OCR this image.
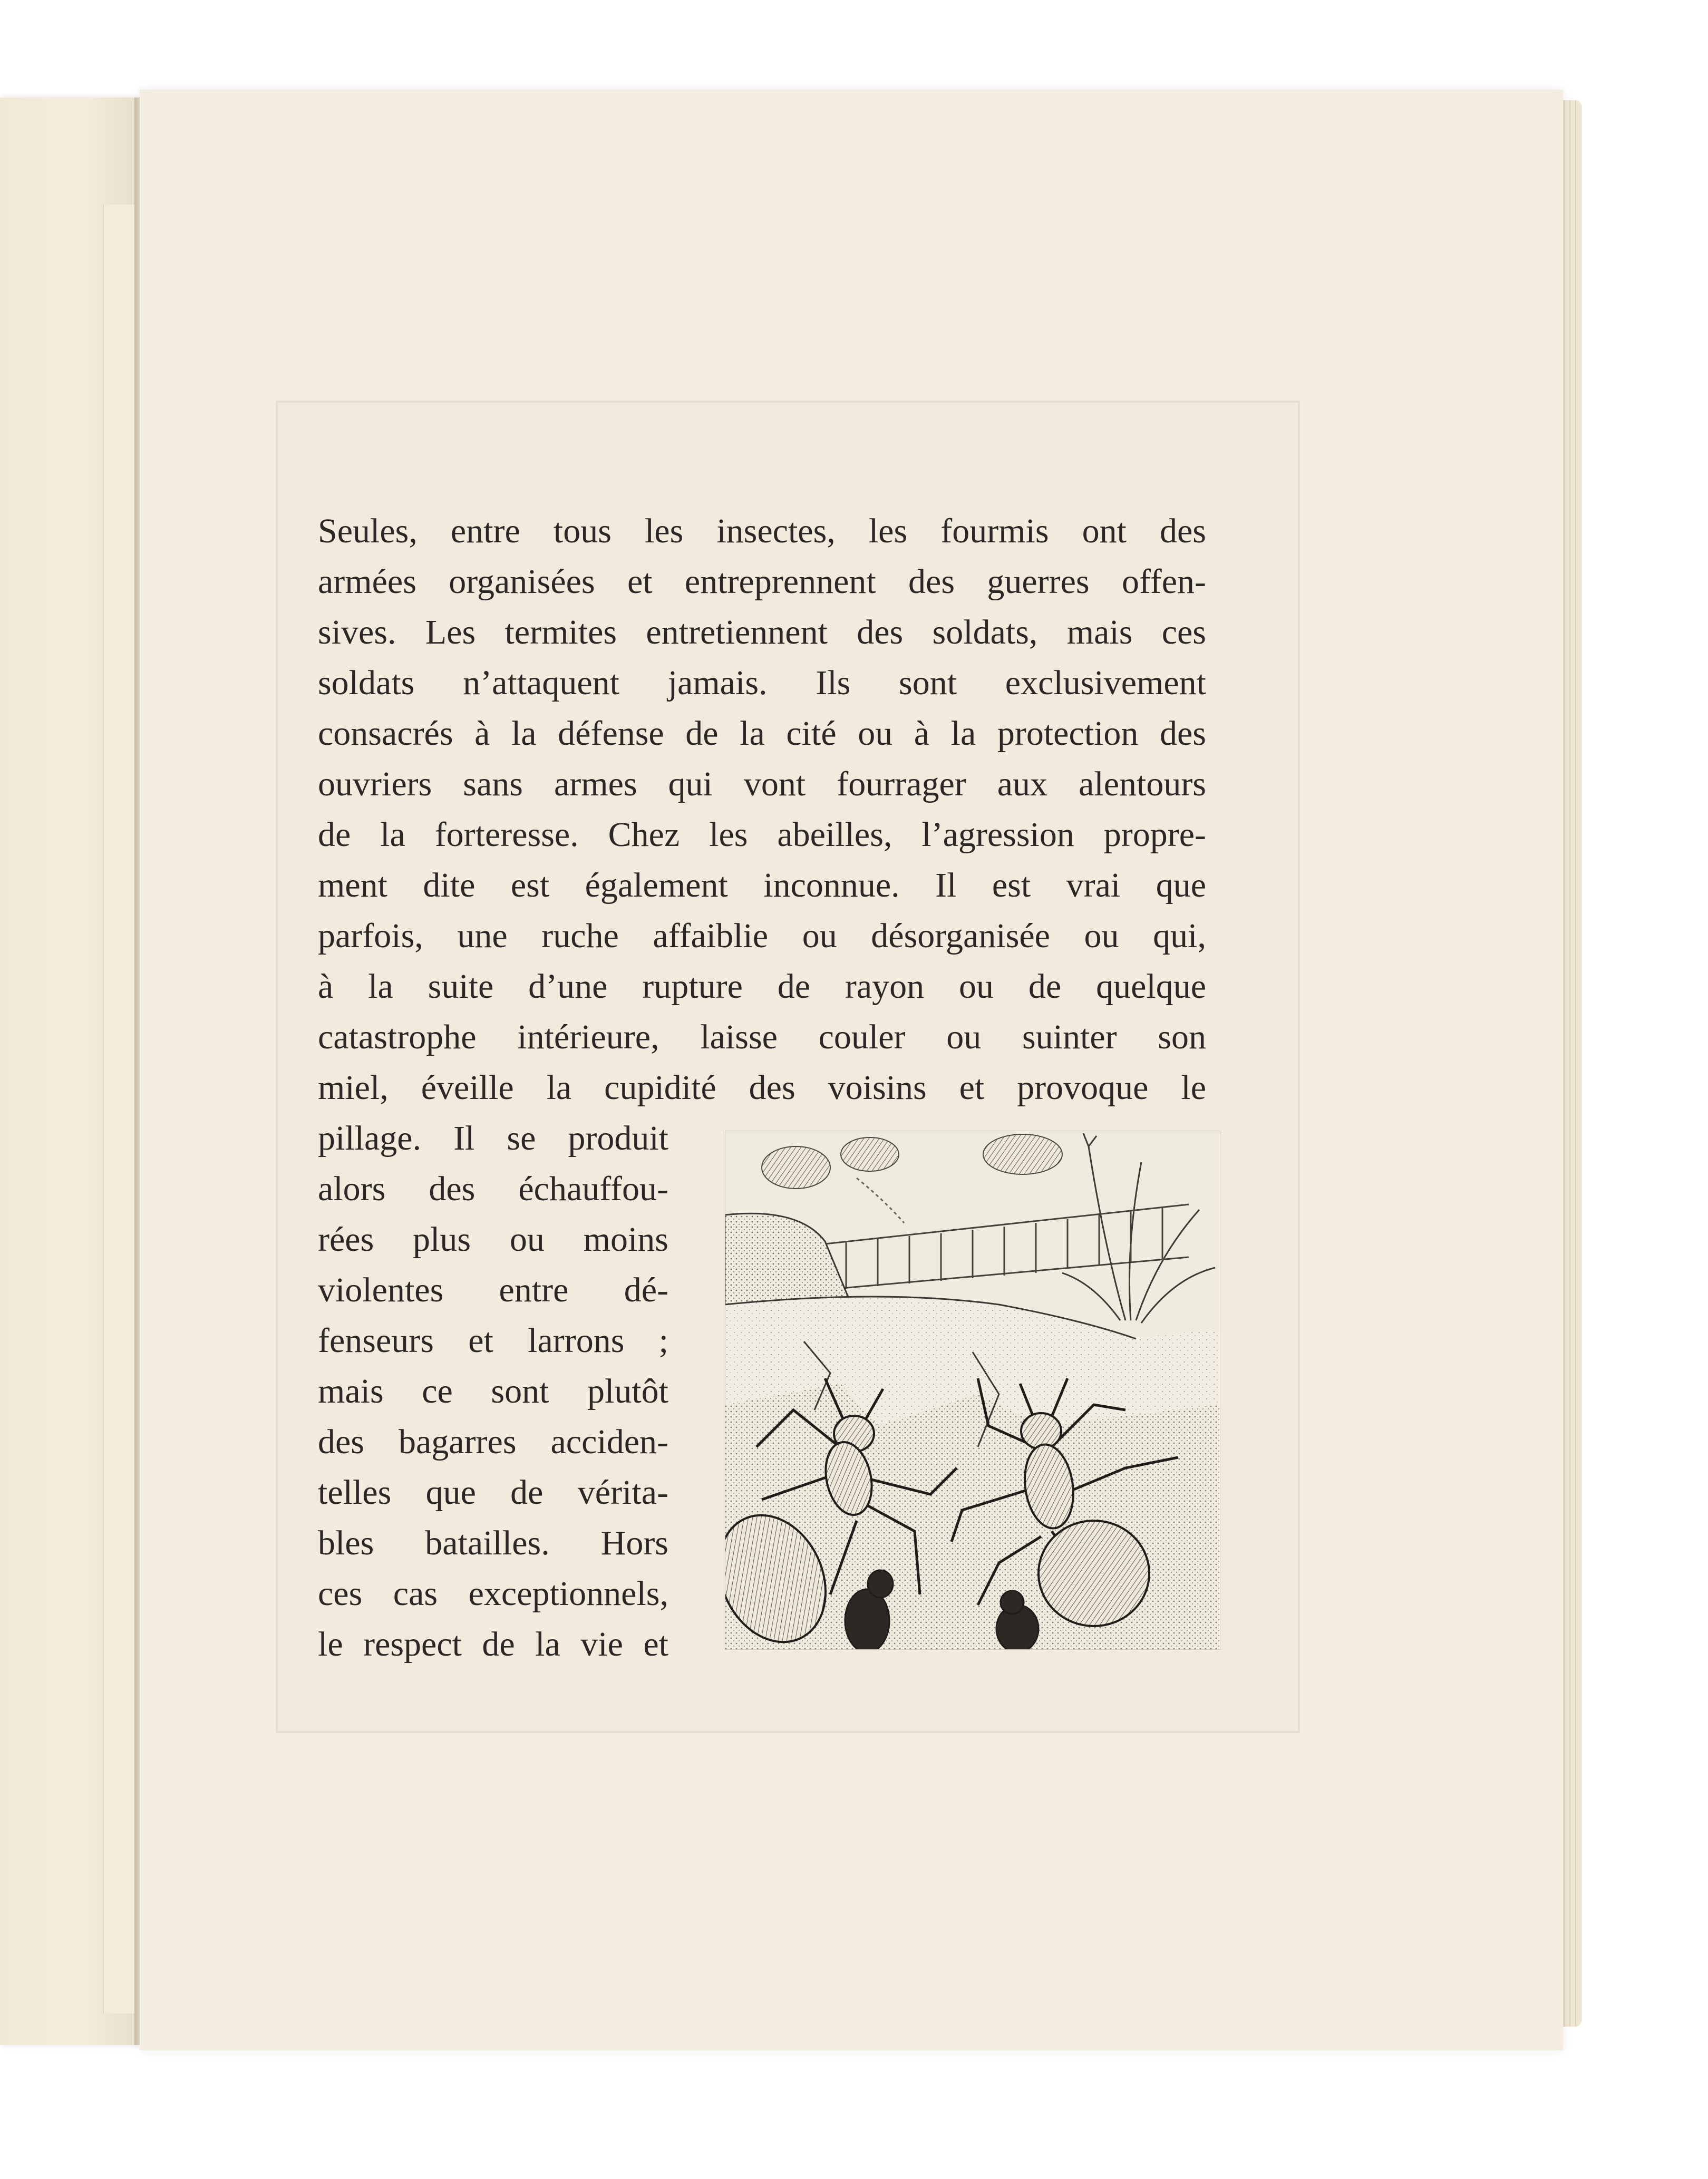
Seules, entre tous les insectes, les fourmis ont des
armées organisées et entreprennent des guerres offen-
sives. Les termites entretiennent des soldats, mais ces
soldats n’attaquent jamais. Ils sont exclusivement
consacrés à la défense de la cité ou à la protection des
ouvriers sans armes qui vont fourrager aux alentours
de la forteresse. Chez les abeilles, l’agression propre-
ment dite est également inconnue. Il est vrai que
parfois, une ruche affaiblie ou désorganisée ou qui,
à la suite d’une rupture de rayon ou de quelque
catastrophe intérieure, laisse couler ou suinter son
miel, éveille la cupidité des voisins et provoque le
pillage. Il se produit
alors des échauffou-
rées plus ou moins
violentes entre dé-
fenseurs et larrons ;
mais ce sont plutôt
des bagarres acciden-
telles que de vérita-
bles batailles. Hors
ces cas exceptionnels,
le respect de la vie et
